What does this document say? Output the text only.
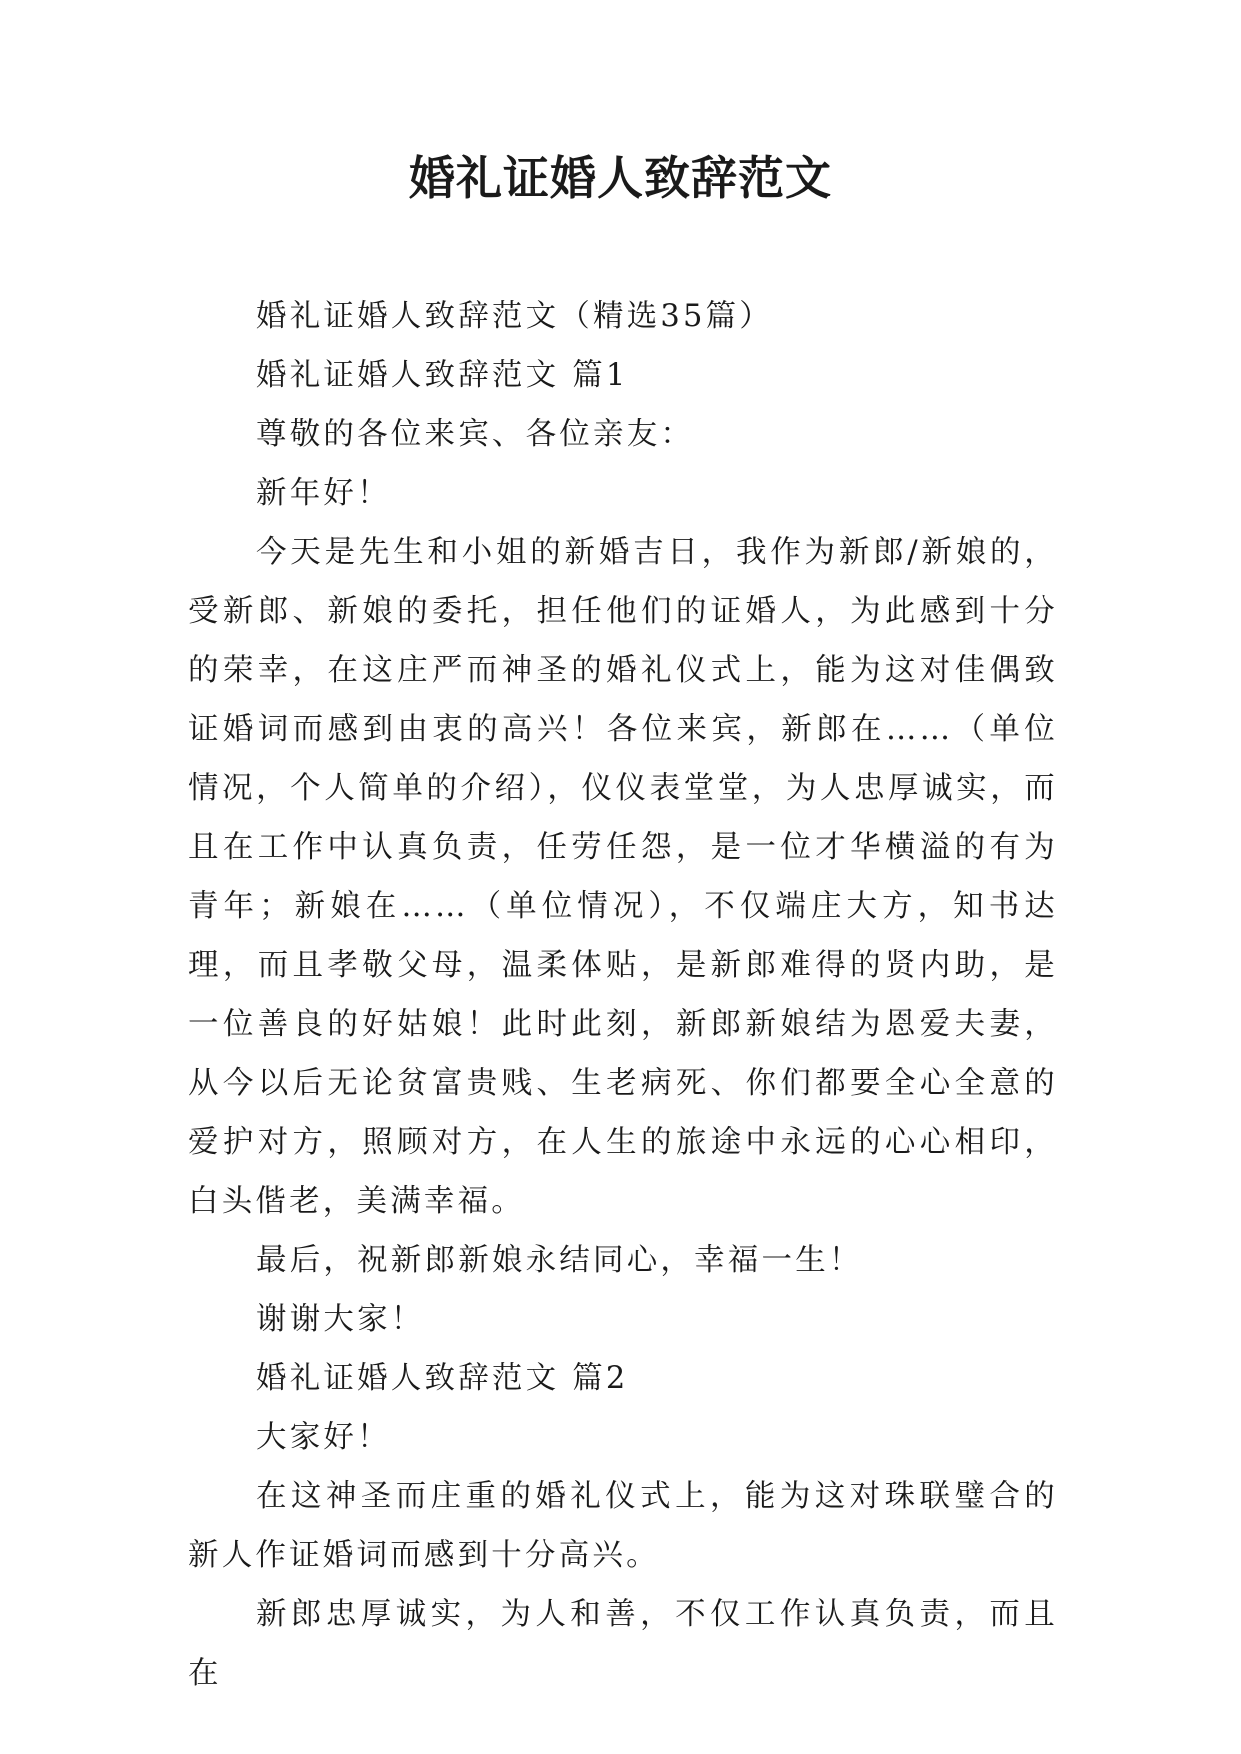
婚礼证婚人致辞范文

婚礼证婚人致辞范文（精选35篇）

婚礼证婚人致辞范文 篇1

尊敬的各位来宾、各位亲友：

新年好！

今天是先生和小姐的新婚吉日，我作为新郎/新娘的，受新郎、新娘的委托，担任他们的证婚人，为此感到十分的荣幸，在这庄严而神圣的婚礼仪式上，能为这对佳偶致证婚词而感到由衷的高兴！各位来宾，新郎在……（单位情况，个人简单的介绍），仪仪表堂堂，为人忠厚诚实，而且在工作中认真负责，任劳任怨，是一位才华横溢的有为青年；新娘在……（单位情况），不仅端庄大方，知书达理，而且孝敬父母，温柔体贴，是新郎难得的贤内助，是一位善良的好姑娘！此时此刻，新郎新娘结为恩爱夫妻，从今以后无论贫富贵贱、生老病死、你们都要全心全意的爱护对方，照顾对方，在人生的旅途中永远的心心相印，白头偕老，美满幸福。

最后，祝新郎新娘永结同心，幸福一生！

谢谢大家！

婚礼证婚人致辞范文 篇2

大家好！

在这神圣而庄重的婚礼仪式上，能为这对珠联璧合的新人作证婚词而感到十分高兴。

新郎忠厚诚实，为人和善，不仅工作认真负责，而且在
